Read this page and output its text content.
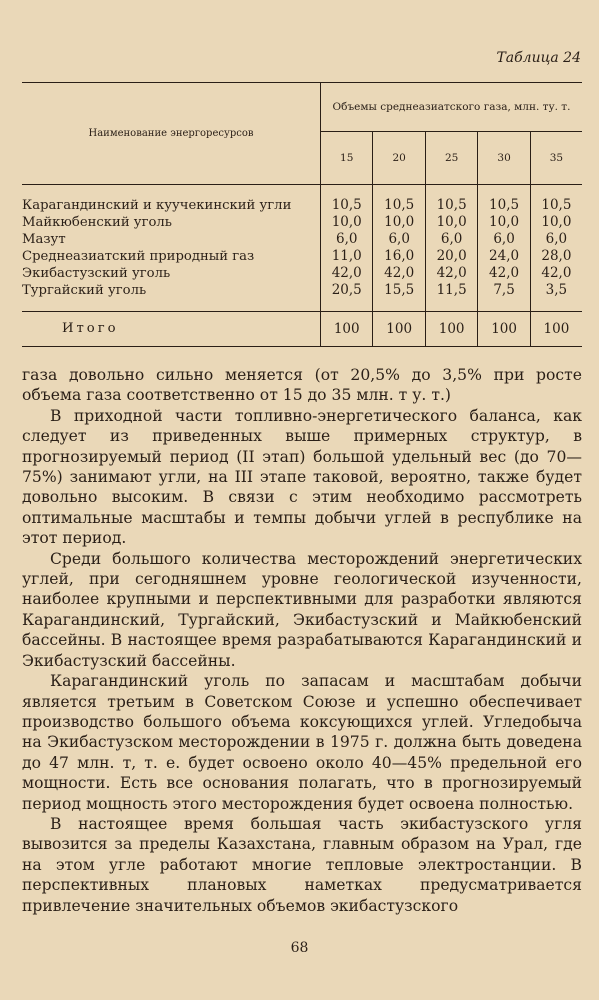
Таблица 24
Наименование энергоресурсов	Объемы среднеазиатского газа, млн. ту. т.				
	15	20	25	30	35
Карагандинский и куучекинский угли	10,5	10,5	10,5	10,5	10,5
Майкюбенский уголь	10,0	10,0	10,0	10,0	10,0
Мазут	6,0	6,0	6,0	6,0	6,0
Среднеазиатский природный газ	11,0	16,0	20,0	24,0	28,0
Экибастузский уголь	42,0	42,0	42,0	42,0	42,0
Тургайский уголь	20,5	15,5	11,5	7,5	3,5
Итого	100	100	100	100	100

газа довольно сильно меняется (от 20,5% до 3,5% при росте объема газа соответственно от 15 до 35 млн. т у. т.)

В приходной части топливно-энергетического баланса, как следует из приведенных выше примерных структур, в прогнозируемый период (II этап) большой удельный вес (до 70—75%) занимают угли, на III этапе таковой, вероятно, также будет довольно высоким. В связи с этим необходимо рассмотреть оптимальные масштабы и темпы добычи углей в республике на этот период.

Среди большого количества месторождений энергетических углей, при сегодняшнем уровне геологической изученности, наиболее крупными и перспективными для разработки являются Карагандинский, Тургайский, Экибастузский и Майкюбенский бассейны. В настоящее время разрабатываются Карагандинский и Экибастузский бассейны.

Карагандинский уголь по запасам и масштабам добычи является третьим в Советском Союзе и успешно обеспечивает производство большого объема коксующихся углей. Угледобыча на Экибастузском месторождении в 1975 г. должна быть доведена до 47 млн. т, т. е. будет освоено около 40—45% предельной его мощности. Есть все основания полагать, что в прогнозируемый период мощность этого месторождения будет освоена полностью.

В настоящее время большая часть экибастузского угля вывозится за пределы Казахстана, главным образом на Урал, где на этом угле работают многие тепловые электростанции. В перспективных плановых наметках предусматривается привлечение значительных объемов экибастузского

68
